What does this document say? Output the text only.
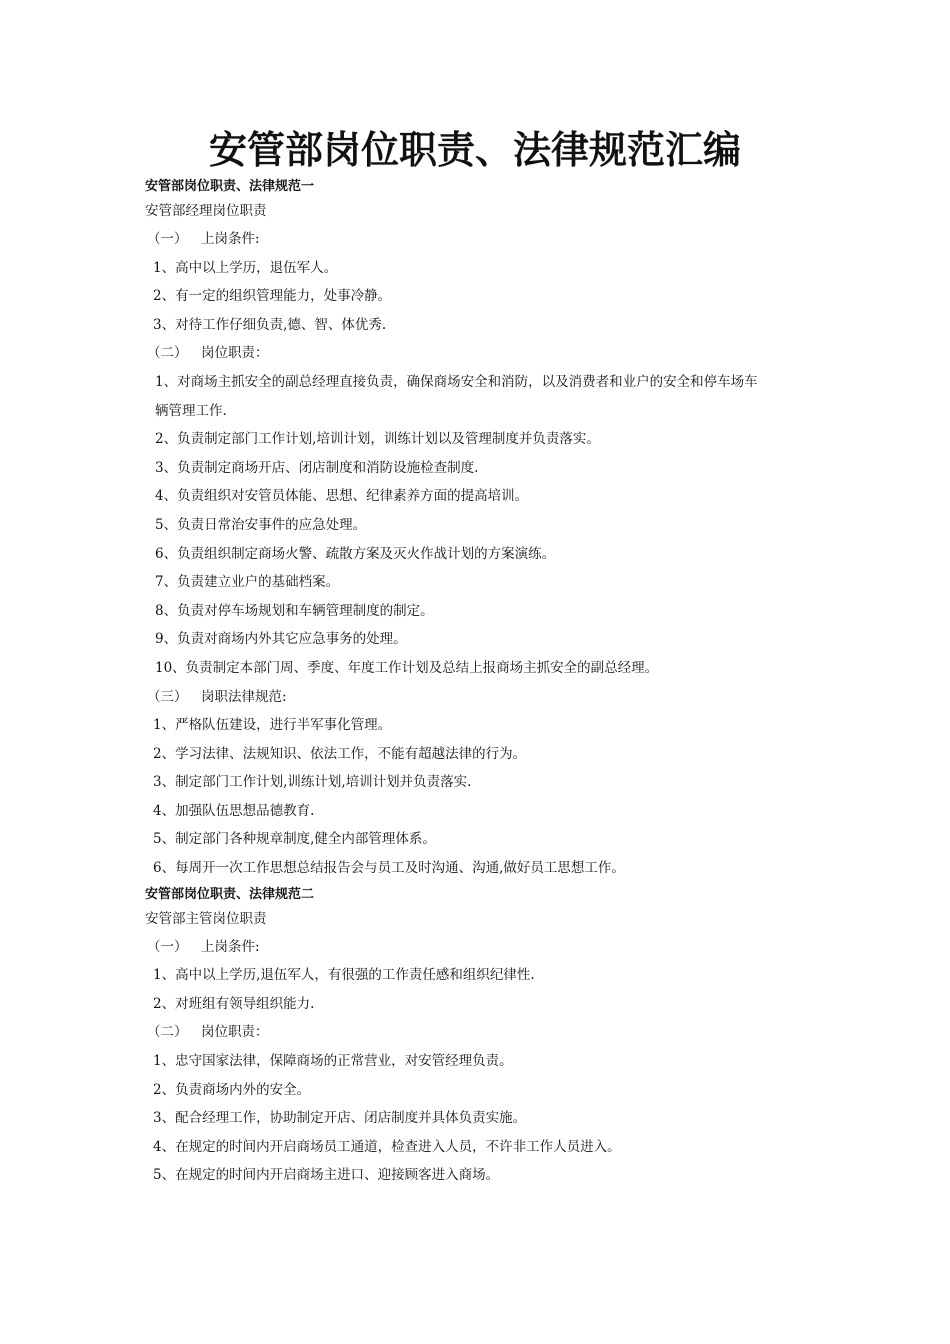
安管部岗位职责、法律规范汇编
安管部岗位职责、法律规范一
安管部经理岗位职责
（一） 上岗条件:
1、高中以上学历，退伍军人。
2、有一定的组织管理能力，处事冷静。
3、对待工作仔细负责,德、智、体优秀.
（二） 岗位职责：
1、对商场主抓安全的副总经理直接负责，确保商场安全和消防，以及消费者和业户的安全和停车场车
辆管理工作.
2、负责制定部门工作计划,培训计划，训练计划以及管理制度并负责落实。
3、负责制定商场开店、闭店制度和消防设施检查制度.
4、负责组织对安管员体能、思想、纪律素养方面的提高培训。
5、负责日常治安事件的应急处理。
6、负责组织制定商场火警、疏散方案及灭火作战计划的方案演练。
7、负责建立业户的基础档案。
8、负责对停车场规划和车辆管理制度的制定。
9、负责对商场内外其它应急事务的处理。
10、负责制定本部门周、季度、年度工作计划及总结上报商场主抓安全的副总经理。
（三） 岗职法律规范:
1、严格队伍建设，进行半军事化管理。
2、学习法律、法规知识、依法工作，不能有超越法律的行为。
3、制定部门工作计划,训练计划,培训计划并负责落实.
4、加强队伍思想品德教育.
5、制定部门各种规章制度,健全内部管理体系。
6、每周开一次工作思想总结报告会与员工及时沟通、沟通,做好员工思想工作。
安管部岗位职责、法律规范二
安管部主管岗位职责
（一） 上岗条件:
1、高中以上学历,退伍军人，有很强的工作责任感和组织纪律性.
2、对班组有领导组织能力.
（二） 岗位职责：
1、忠守国家法律，保障商场的正常营业，对安管经理负责。
2、负责商场内外的安全。
3、配合经理工作，协助制定开店、闭店制度并具体负责实施。
4、在规定的时间内开启商场员工通道，检查进入人员，不许非工作人员进入。
5、在规定的时间内开启商场主进口、迎接顾客进入商场。
